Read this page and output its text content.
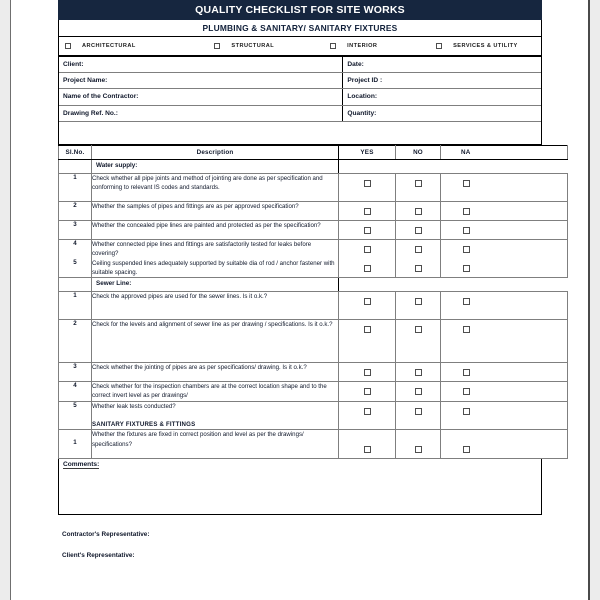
QUALITY CHECKLIST FOR SITE WORKS
PLUMBING & SANITARY/ SANITARY FIXTURES
ARCHITECTURAL	STRUCTURAL	INTERIOR	SERVICES & UTILITY
Client:	Date:
Project Name:	Project ID :
Name of the Contractor:	Location:
Drawing Ref. No.:	Quantity:
Sl.No.	Description	YES	NO	NA
	Water supply:			
1	Check whether all pipe joints and method of jointing are done as per specification and conforming to relevant IS codes and standards.	

2	Whether the samples of pipes and fittings are as per approved specification?			
3	Whether the concealed pipe lines are painted and protected as per the specification?			
4	Whether connected pipe lines and fittings are satisfactorily tested for leaks before covering?			
5	Ceiling suspended lines adequately supported by suitable dia of rod / anchor fastener with suitable spacing.			
	Sewer Line:			
1	Check the approved pipes are used for the sewer lines. Is it o.k.?	

2	Check for the levels and alignment of sewer line as per drawing / specifications. Is it o.k.?	

3	Check whether the jointing of pipes are as per specifications/ drawing. Is it o.k.?			
4	Check whether for the inspection chambers are at the correct location shape and to the correct invert level as per drawings/			
5	Whether leak tests conducted?

SANITARY FIXTURES & FITTINGS			
1	Whether the fixtures are fixed in correct position and level as per the drawings/ specifications?			
Comments:
Contractor's Representative:
Client's Representative:
